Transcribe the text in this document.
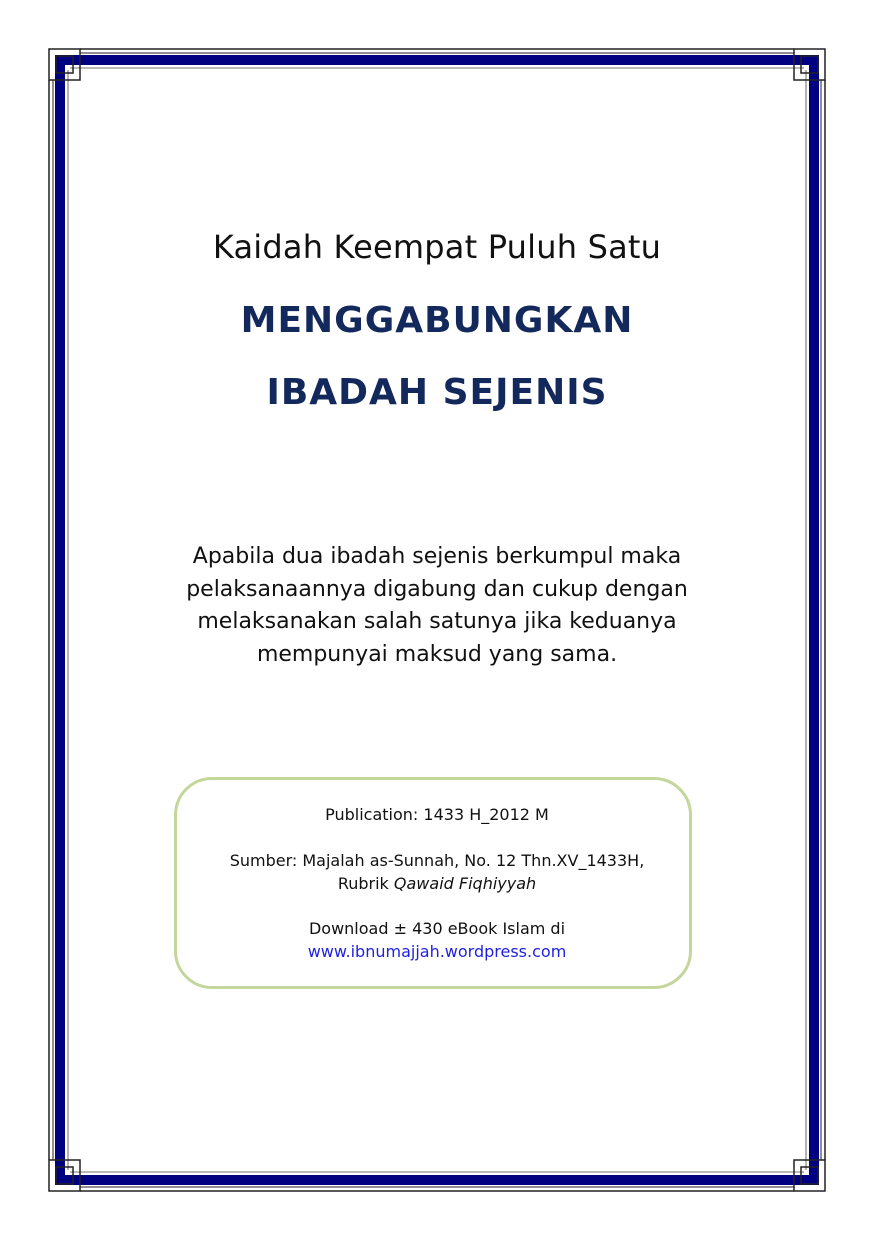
Kaidah Keempat Puluh Satu
MENGGABUNGKAN
IBADAH SEJENIS
Apabila dua ibadah sejenis berkumpul maka
pelaksanaannya digabung dan cukup dengan
melaksanakan salah satunya jika keduanya
mempunyai maksud yang sama.
Publication: 1433 H_2012 M
Sumber: Majalah as-Sunnah, No. 12 Thn.XV_1433H,
Rubrik Qawaid Fiqhiyyah
Download ± 430 eBook Islam di
www.ibnumajjah.wordpress.com
